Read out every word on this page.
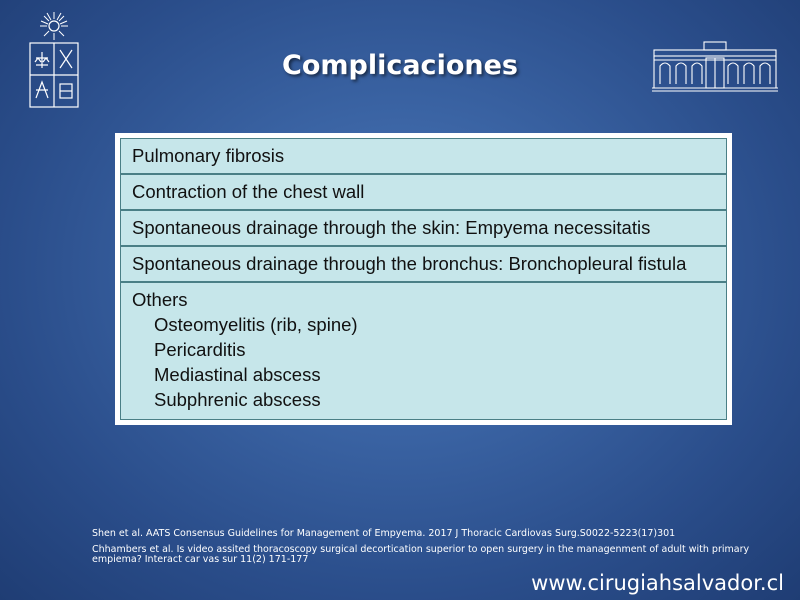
Complicaciones
Pulmonary fibrosis
Contraction of the chest wall
Spontaneous drainage through the skin: Empyema necessitatis
Spontaneous drainage through the bronchus: Bronchopleural fistula
Others
Osteomyelitis (rib, spine)
Pericarditis
Mediastinal abscess
Subphrenic abscess
Shen et al. AATS Consensus Guidelines for Management of Empyema. 2017 J Thoracic Cardiovas Surg.S0022-5223(17)301
Chhambers et al. Is video assited thoracoscopy surgical decortication superior to open surgery in the managenment of adult with primary empiema? Interact car vas sur 11(2) 171-177
www.cirugiahsalvador.cl
